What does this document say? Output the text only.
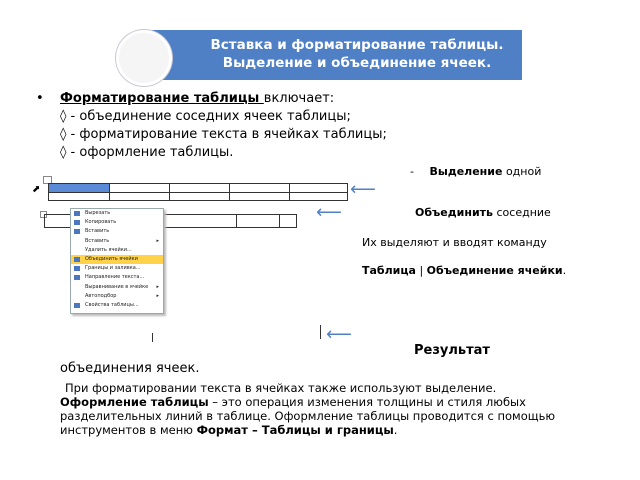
Вставка и форматирование таблицы.
Выделение и объединение ячеек.
• Форматирование таблицы включает:
◊ - объединение соседних ячеек таблицы;
◊ - форматирование текста в ячейках таблицы;
◊ - оформление таблицы.
- Выделение одной
⬈	⟵
Объединить соседние
⟵
Вырезать
Копировать
Вставить
Вставить	▸
Удалить ячейки...
Объединить ячейки
Границы и заливка...
Направление текста...
Выравнивание в ячейке ▸
Автоподбор	▸
Свойства таблицы...
Их выделяют и вводят команду
Таблица | Объединение ячейки.
⟵
Результат
объединения ячеек.
При форматировании текста в ячейках также используют выделение.
Оформление таблицы – это операция изменения толщины и стиля любых разделительных линий в таблице. Оформление таблицы проводится с помощью инструментов в меню Формат – Таблицы и границы.
